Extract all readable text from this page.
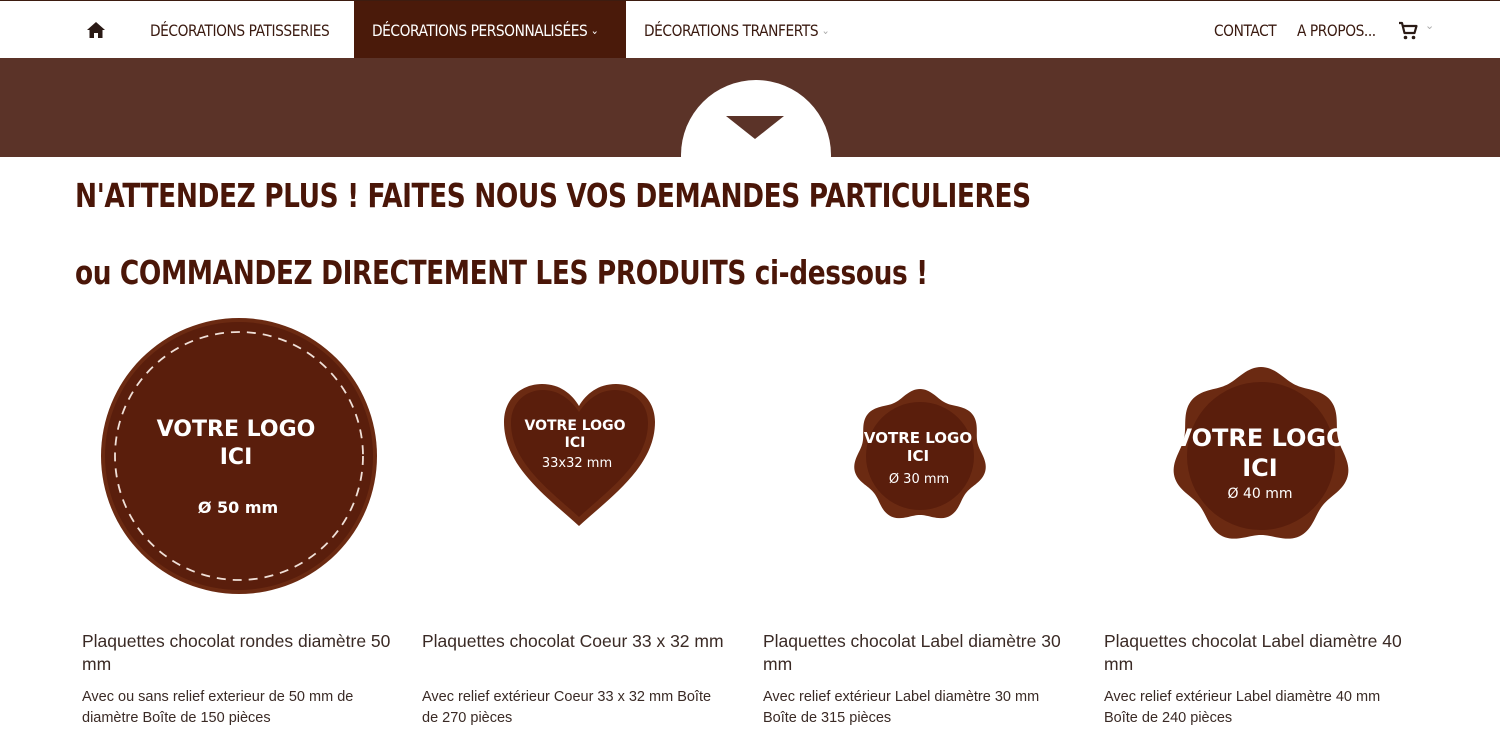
DÉCORATIONS PATISSERIES	DÉCORATIONS PERSONNALISÉES ⌄	DÉCORATIONS TRANFERTS ⌄	CONTACT A PROPOS...	⌄
N'ATTENDEZ PLUS ! FAITES NOUS VOS DEMANDES PARTICULIERES
ou COMMANDEZ DIRECTEMENT LES PRODUITS ci-dessous !
VOTRE LOGO
ICI
Ø 50 mm
Plaquettes chocolat rondes diamètre 50 mm
Avec ou sans relief exterieur de 50 mm de diamètre Boîte de 150 pièces
VOTRE LOGO
ICI
33x32 mm
Plaquettes chocolat Coeur 33 x 32 mm
Avec relief extérieur Coeur 33 x 32 mm Boîte de 270 pièces
VOTRE LOGO
ICI
Ø 30 mm
Plaquettes chocolat Label diamètre 30 mm
Avec relief extérieur Label diamètre 30 mm Boîte de 315 pièces
VOTRE LOGO
ICI
Ø 40 mm
Plaquettes chocolat Label diamètre 40 mm
Avec relief extérieur Label diamètre 40 mm Boîte de 240 pièces
